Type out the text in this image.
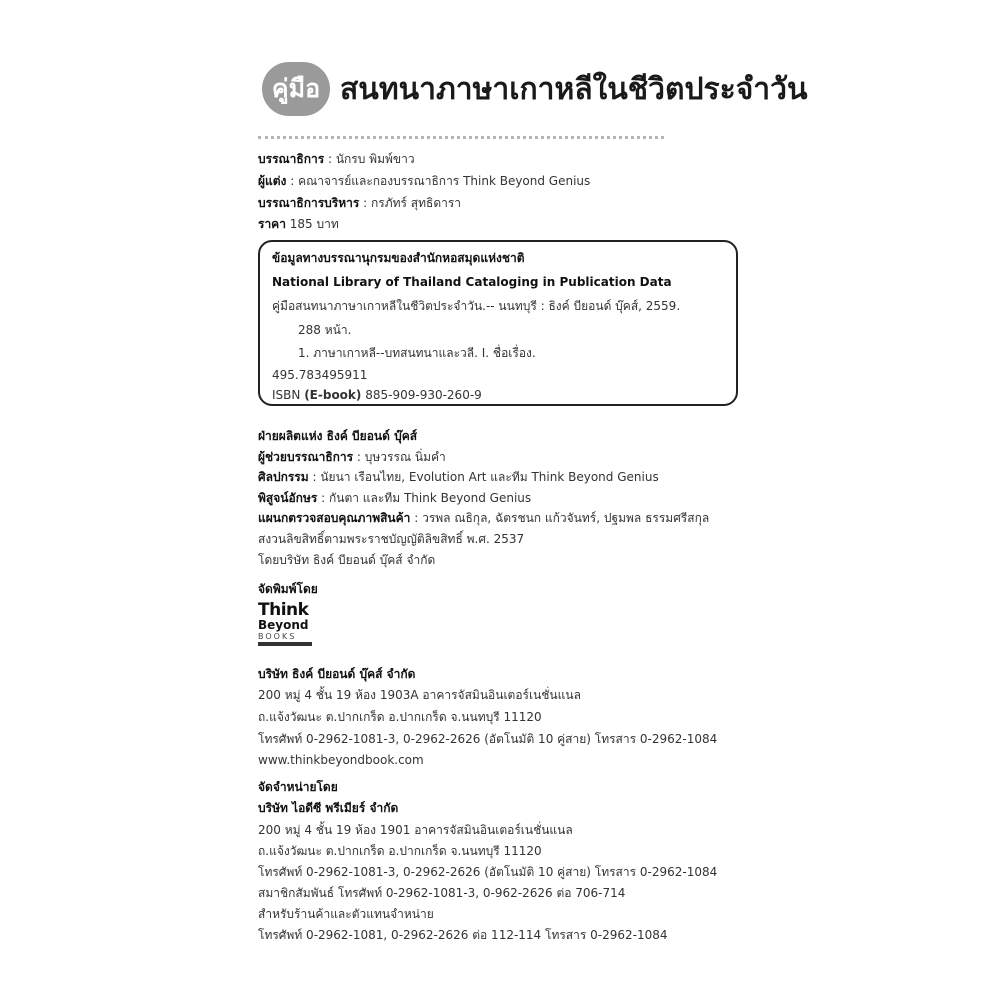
คู่มือ สนทนาภาษาเกาหลีในชีวิตประจำวัน
บรรณาธิการ : นักรบ พิมพ์ขาว
ผู้แต่ง : คณาจารย์และกองบรรณาธิการ Think Beyond Genius
บรรณาธิการบริหาร : กรภัทร์ สุทธิดารา
ราคา 185 บาท
ข้อมูลทางบรรณานุกรมของสำนักหอสมุดแห่งชาติ
National Library of Thailand Cataloging in Publication Data
คู่มือสนทนาภาษาเกาหลีในชีวิตประจำวัน.-- นนทบุรี : ธิงค์ บียอนด์ บุ๊คส์, 2559.
288 หน้า.
1. ภาษาเกาหลี--บทสนทนาและวลี. I. ชื่อเรื่อง.
495.783495911
ISBN (E-book) 885-909-930-260-9
ฝ่ายผลิตแห่ง ธิงค์ บียอนด์ บุ๊คส์
ผู้ช่วยบรรณาธิการ : บุษวรรณ นิ่มคำ
ศิลปกรรม : นัยนา เรือนไทย, Evolution Art และทีม Think Beyond Genius
พิสูจน์อักษร : กันตา และทีม Think Beyond Genius
แผนกตรวจสอบคุณภาพสินค้า : วรพล ณธิกุล, ฉัตรชนก แก้วจันทร์, ปฐมพล ธรรมศรีสกุล
สงวนลิขสิทธิ์ตามพระราชบัญญัติลิขสิทธิ์ พ.ศ. 2537
โดยบริษัท ธิงค์ บียอนด์ บุ๊คส์ จำกัด
จัดพิมพ์โดย
Think
Beyond
BOOKS
บริษัท ธิงค์ บียอนด์ บุ๊คส์ จำกัด
200 หมู่ 4 ชั้น 19 ห้อง 1903A อาคารจัสมินอินเตอร์เนชั่นแนล
ถ.แจ้งวัฒนะ ต.ปากเกร็ด อ.ปากเกร็ด จ.นนทบุรี 11120
โทรศัพท์ 0-2962-1081-3, 0-2962-2626 (อัตโนมัติ 10 คู่สาย) โทรสาร 0-2962-1084
www.thinkbeyondbook.com
จัดจำหน่ายโดย
บริษัท ไอดีซี พรีเมียร์ จำกัด
200 หมู่ 4 ชั้น 19 ห้อง 1901 อาคารจัสมินอินเตอร์เนชั่นแนล
ถ.แจ้งวัฒนะ ต.ปากเกร็ด อ.ปากเกร็ด จ.นนทบุรี 11120
โทรศัพท์ 0-2962-1081-3, 0-2962-2626 (อัตโนมัติ 10 คู่สาย) โทรสาร 0-2962-1084
สมาชิกสัมพันธ์ โทรศัพท์ 0-2962-1081-3, 0-962-2626 ต่อ 706-714
สำหรับร้านค้าและตัวแทนจำหน่าย
โทรศัพท์ 0-2962-1081, 0-2962-2626 ต่อ 112-114 โทรสาร 0-2962-1084
